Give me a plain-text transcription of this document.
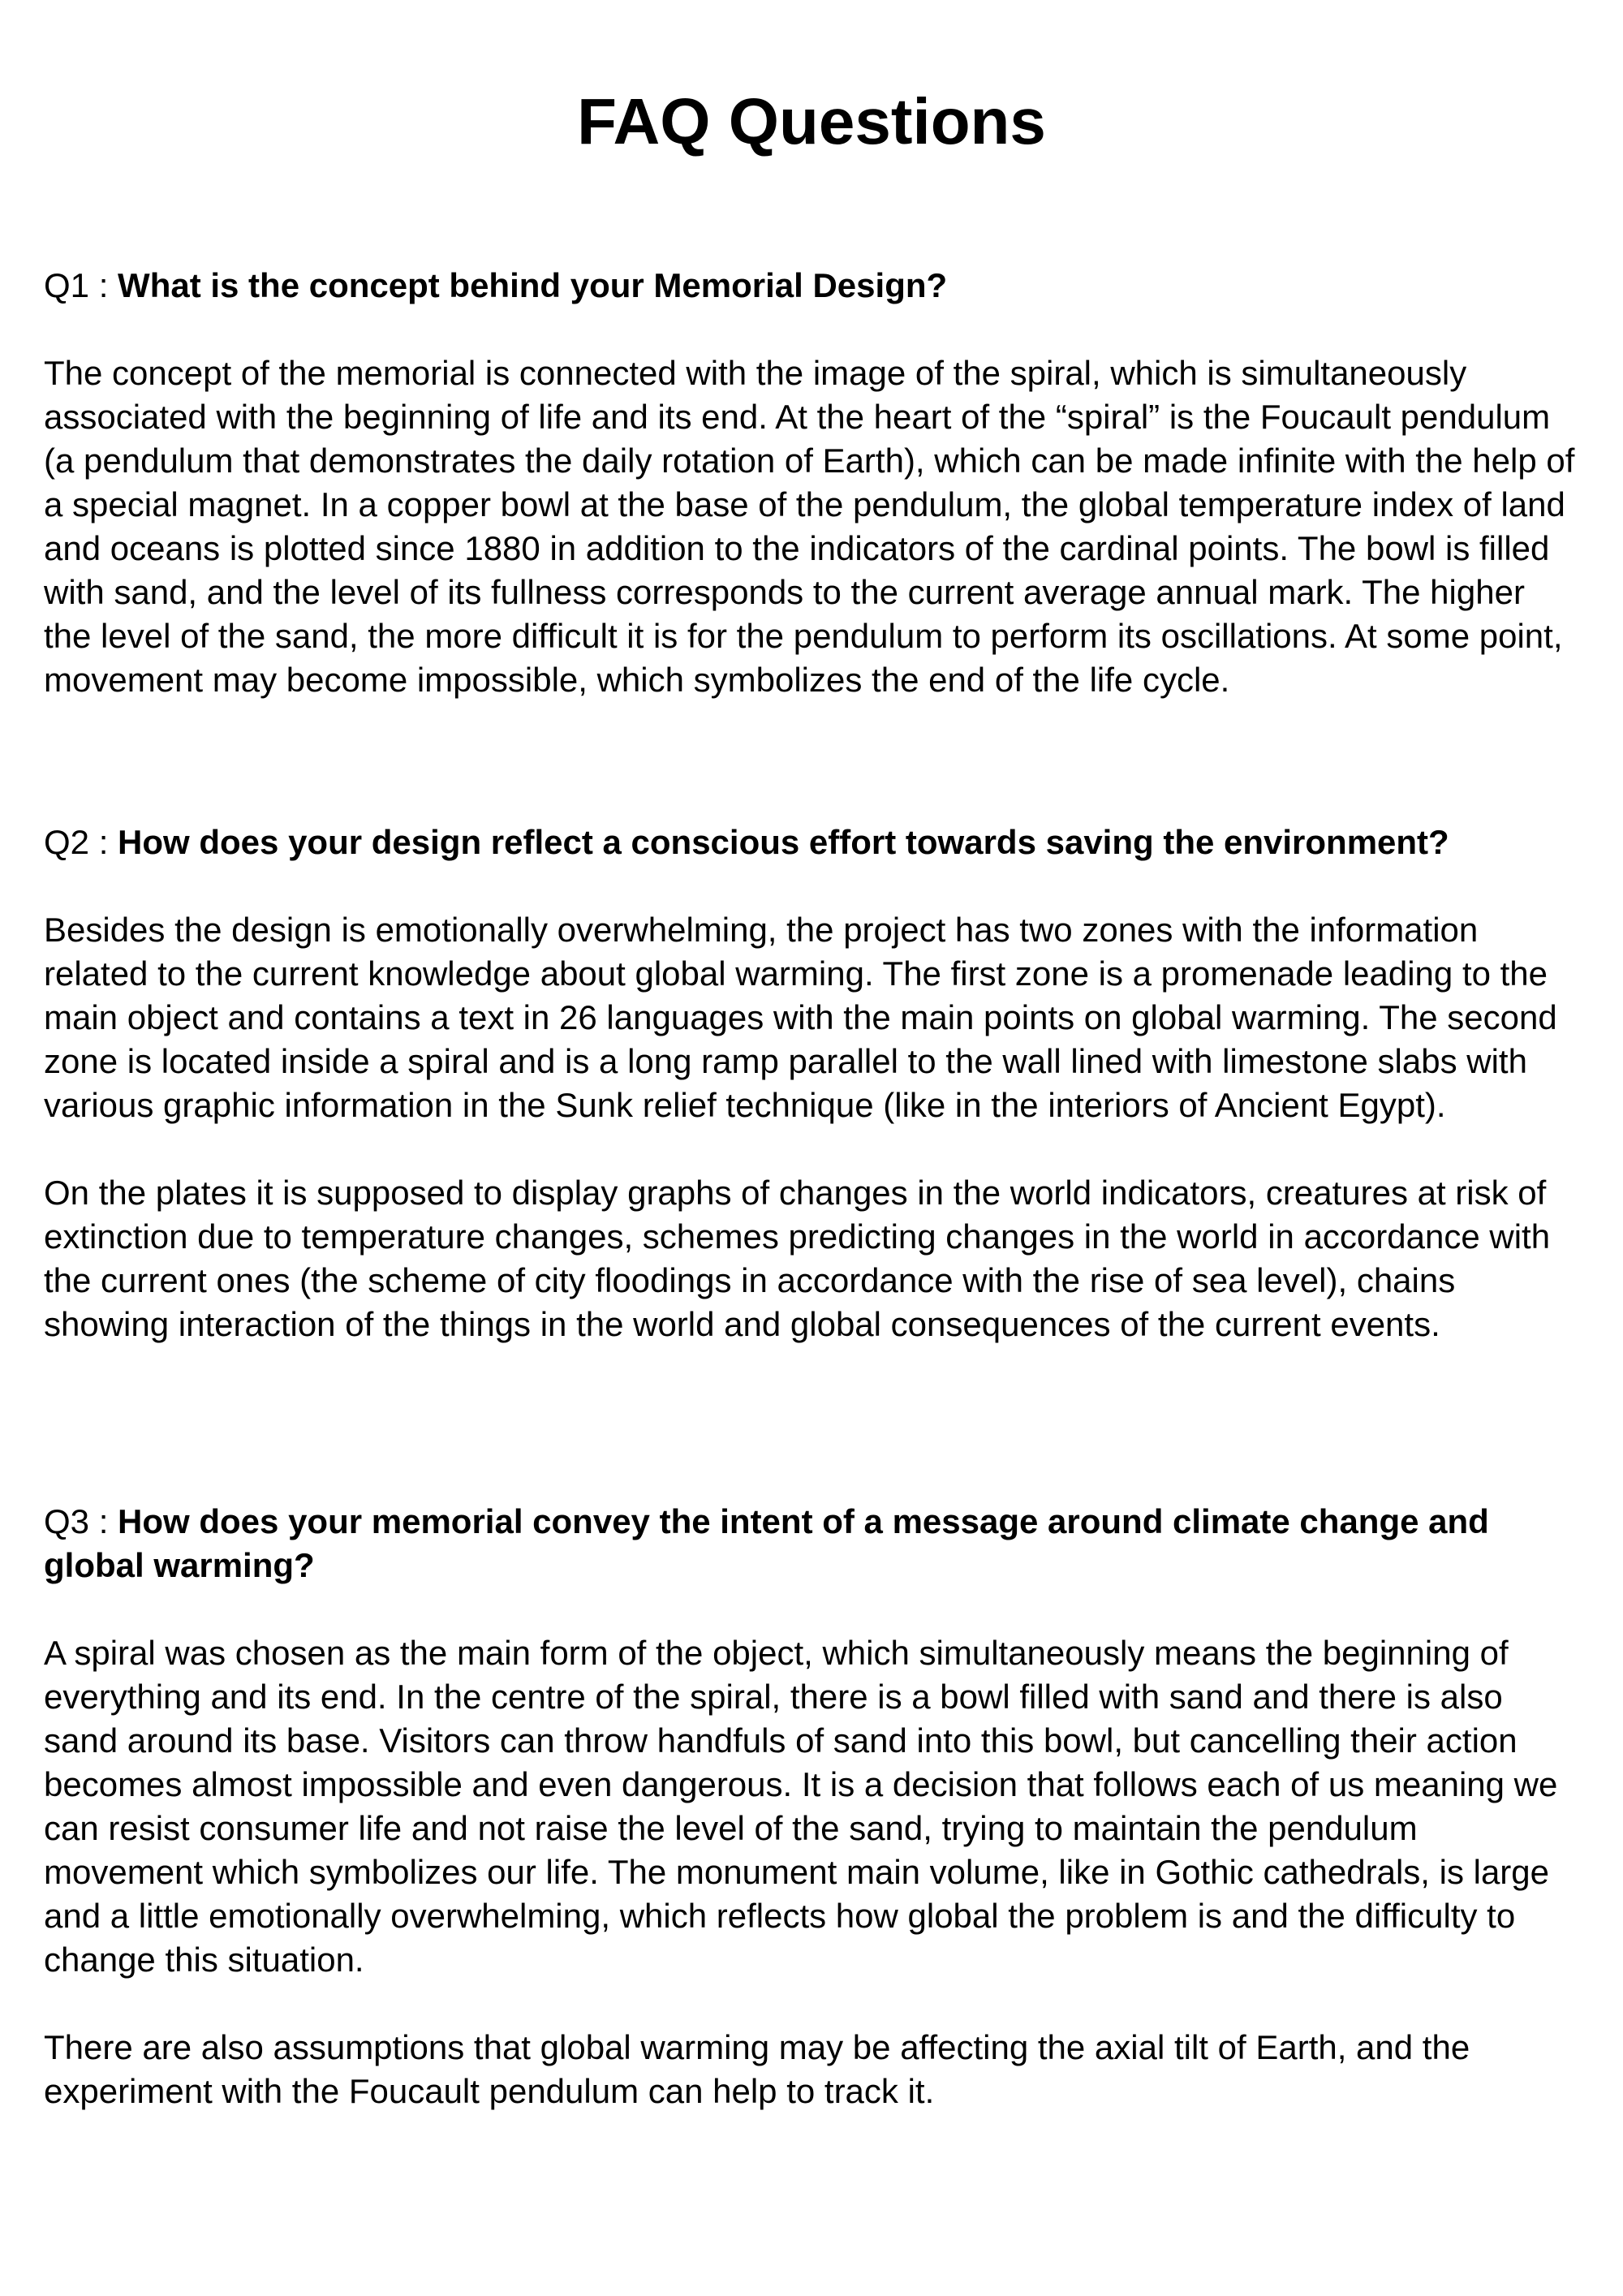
FAQ Questions

Q1 : What is the concept behind your Memorial Design?

The concept of the memorial is connected with the image of the spiral, which is simultaneously associated with the beginning of life and its end. At the heart of the “spiral” is the Foucault pendulum (a pendulum that demonstrates the daily rotation of Earth), which can be made infinite with the help of a special magnet. In a copper bowl at the base of the pendulum, the global temperature index of land and oceans is plotted since 1880 in addition to the indicators of the cardinal points. The bowl is filled with sand, and the level of its fullness corresponds to the current average annual mark. The higher the level of the sand, the more difficult it is for the pendulum to perform its oscillations. At some point, movement may become impossible, which symbolizes the end of the life cycle.

Q2 : How does your design reflect a conscious effort towards saving the environment?

Besides the design is emotionally overwhelming, the project has two zones with the information related to the current knowledge about global warming. The first zone is a promenade leading to the main object and contains a text in 26 languages with the main points on global warming. The second zone is located inside a spiral and is a long ramp parallel to the wall lined with limestone slabs with various graphic information in the Sunk relief technique (like in the interiors of Ancient Egypt).

On the plates it is supposed to display graphs of changes in the world indicators, creatures at risk of extinction due to temperature changes, schemes predicting changes in the world in accordance with the current ones (the scheme of city floodings in accordance with the rise of sea level), chains showing interaction of the things in the world and global consequences of the current events.

Q3 : How does your memorial convey the intent of a message around climate change and global warming?

A spiral was chosen as the main form of the object, which simultaneously means the beginning of everything and its end. In the centre of the spiral, there is a bowl filled with sand and there is also sand around its base. Visitors can throw handfuls of sand into this bowl, but cancelling their action becomes almost impossible and even dangerous. It is a decision that follows each of us meaning we can resist consumer life and not raise the level of the sand, trying to maintain the pendulum movement which symbolizes our life. The monument main volume, like in Gothic cathedrals, is large and a little emotionally overwhelming, which reflects how global the problem is and the difficulty to change this situation.

There are also assumptions that global warming may be affecting the axial tilt of Earth, and the experiment with the Foucault pendulum can help to track it.
